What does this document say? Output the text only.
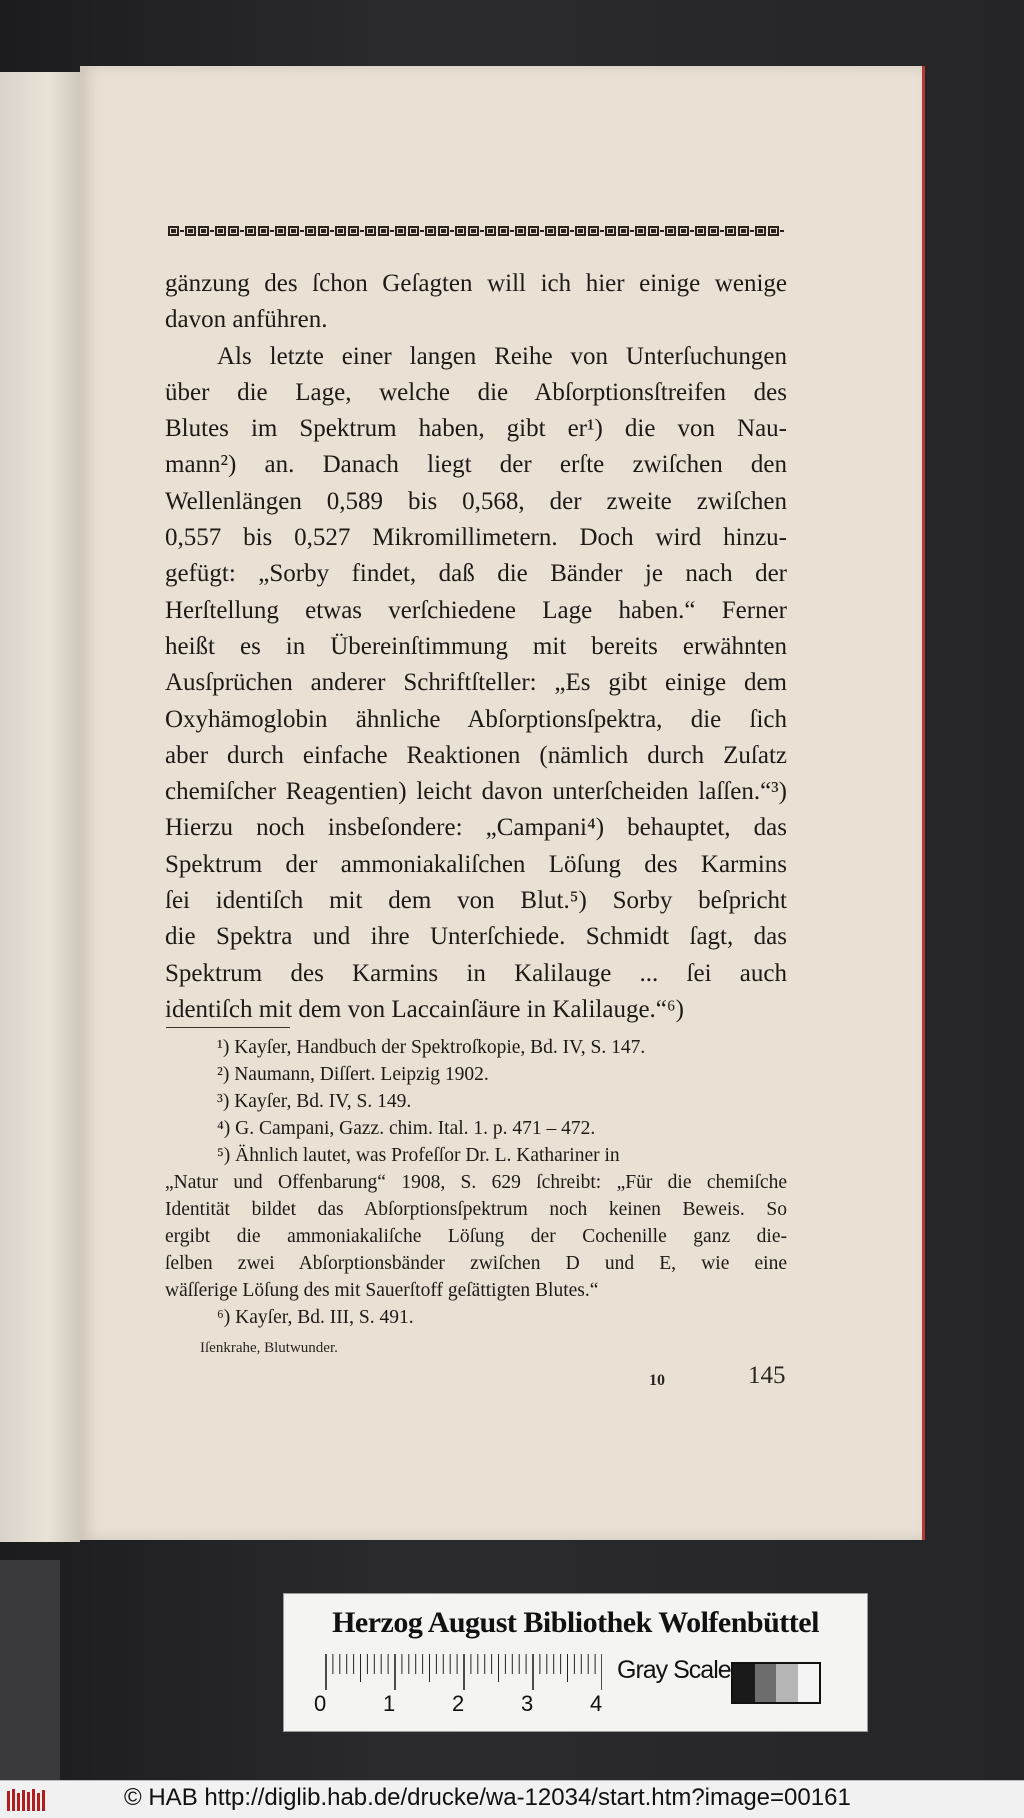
gänzung des ſchon Geſagten will ich hier einige wenige
davon anführen.
Als letzte einer langen Reihe von Unterſuchungen
über die Lage, welche die Abſorptionsſtreifen des
Blutes im Spektrum haben, gibt er¹) die von Nau-
mann²) an. Danach liegt der erſte zwiſchen den
Wellenlängen 0,589 bis 0,568, der zweite zwiſchen
0,557 bis 0,527 Mikromillimetern. Doch wird hinzu-
gefügt: „Sorby findet, daß die Bänder je nach der
Herſtellung etwas verſchiedene Lage haben.“ Ferner
heißt es in Übereinſtimmung mit bereits erwähnten
Ausſprüchen anderer Schriftſteller: „Es gibt einige dem
Oxyhämoglobin ähnliche Abſorptionsſpektra, die ſich
aber durch einfache Reaktionen (nämlich durch Zuſatz
chemiſcher Reagentien) leicht davon unterſcheiden laſſen.“³)
Hierzu noch insbeſondere: „Campani⁴) behauptet, das
Spektrum der ammoniakaliſchen Löſung des Karmins
ſei identiſch mit dem von Blut.⁵) Sorby beſpricht
die Spektra und ihre Unterſchiede. Schmidt ſagt, das
Spektrum des Karmins in Kalilauge ... ſei auch
identiſch mit dem von Laccainſäure in Kalilauge.“⁶)
¹) Kayſer, Handbuch der Spektroſkopie, Bd. IV, S. 147.
²) Naumann, Diſſert. Leipzig 1902.
³) Kayſer, Bd. IV, S. 149.
⁴) G. Campani, Gazz. chim. Ital. 1. p. 471 – 472.
⁵) Ähnlich lautet, was Profeſſor Dr. L. Kathariner in
„Natur und Offenbarung“ 1908, S. 629 ſchreibt: „Für die chemiſche
Identität bildet das Abſorptionsſpektrum noch keinen Beweis. So
ergibt die ammoniakaliſche Löſung der Cochenille ganz die-
ſelben zwei Abſorptionsbänder zwiſchen D und E, wie eine
wäſſerige Löſung des mit Sauerſtoff geſättigten Blutes.“
⁶) Kayſer, Bd. III, S. 491.
Iſenkrahe, Blutwunder.
10	145
Herzog August Bibliothek Wolfenbüttel
0	1	2	3	4
Gray Scale
© HAB http://diglib.hab.de/drucke/wa-12034/start.htm?image=00161
